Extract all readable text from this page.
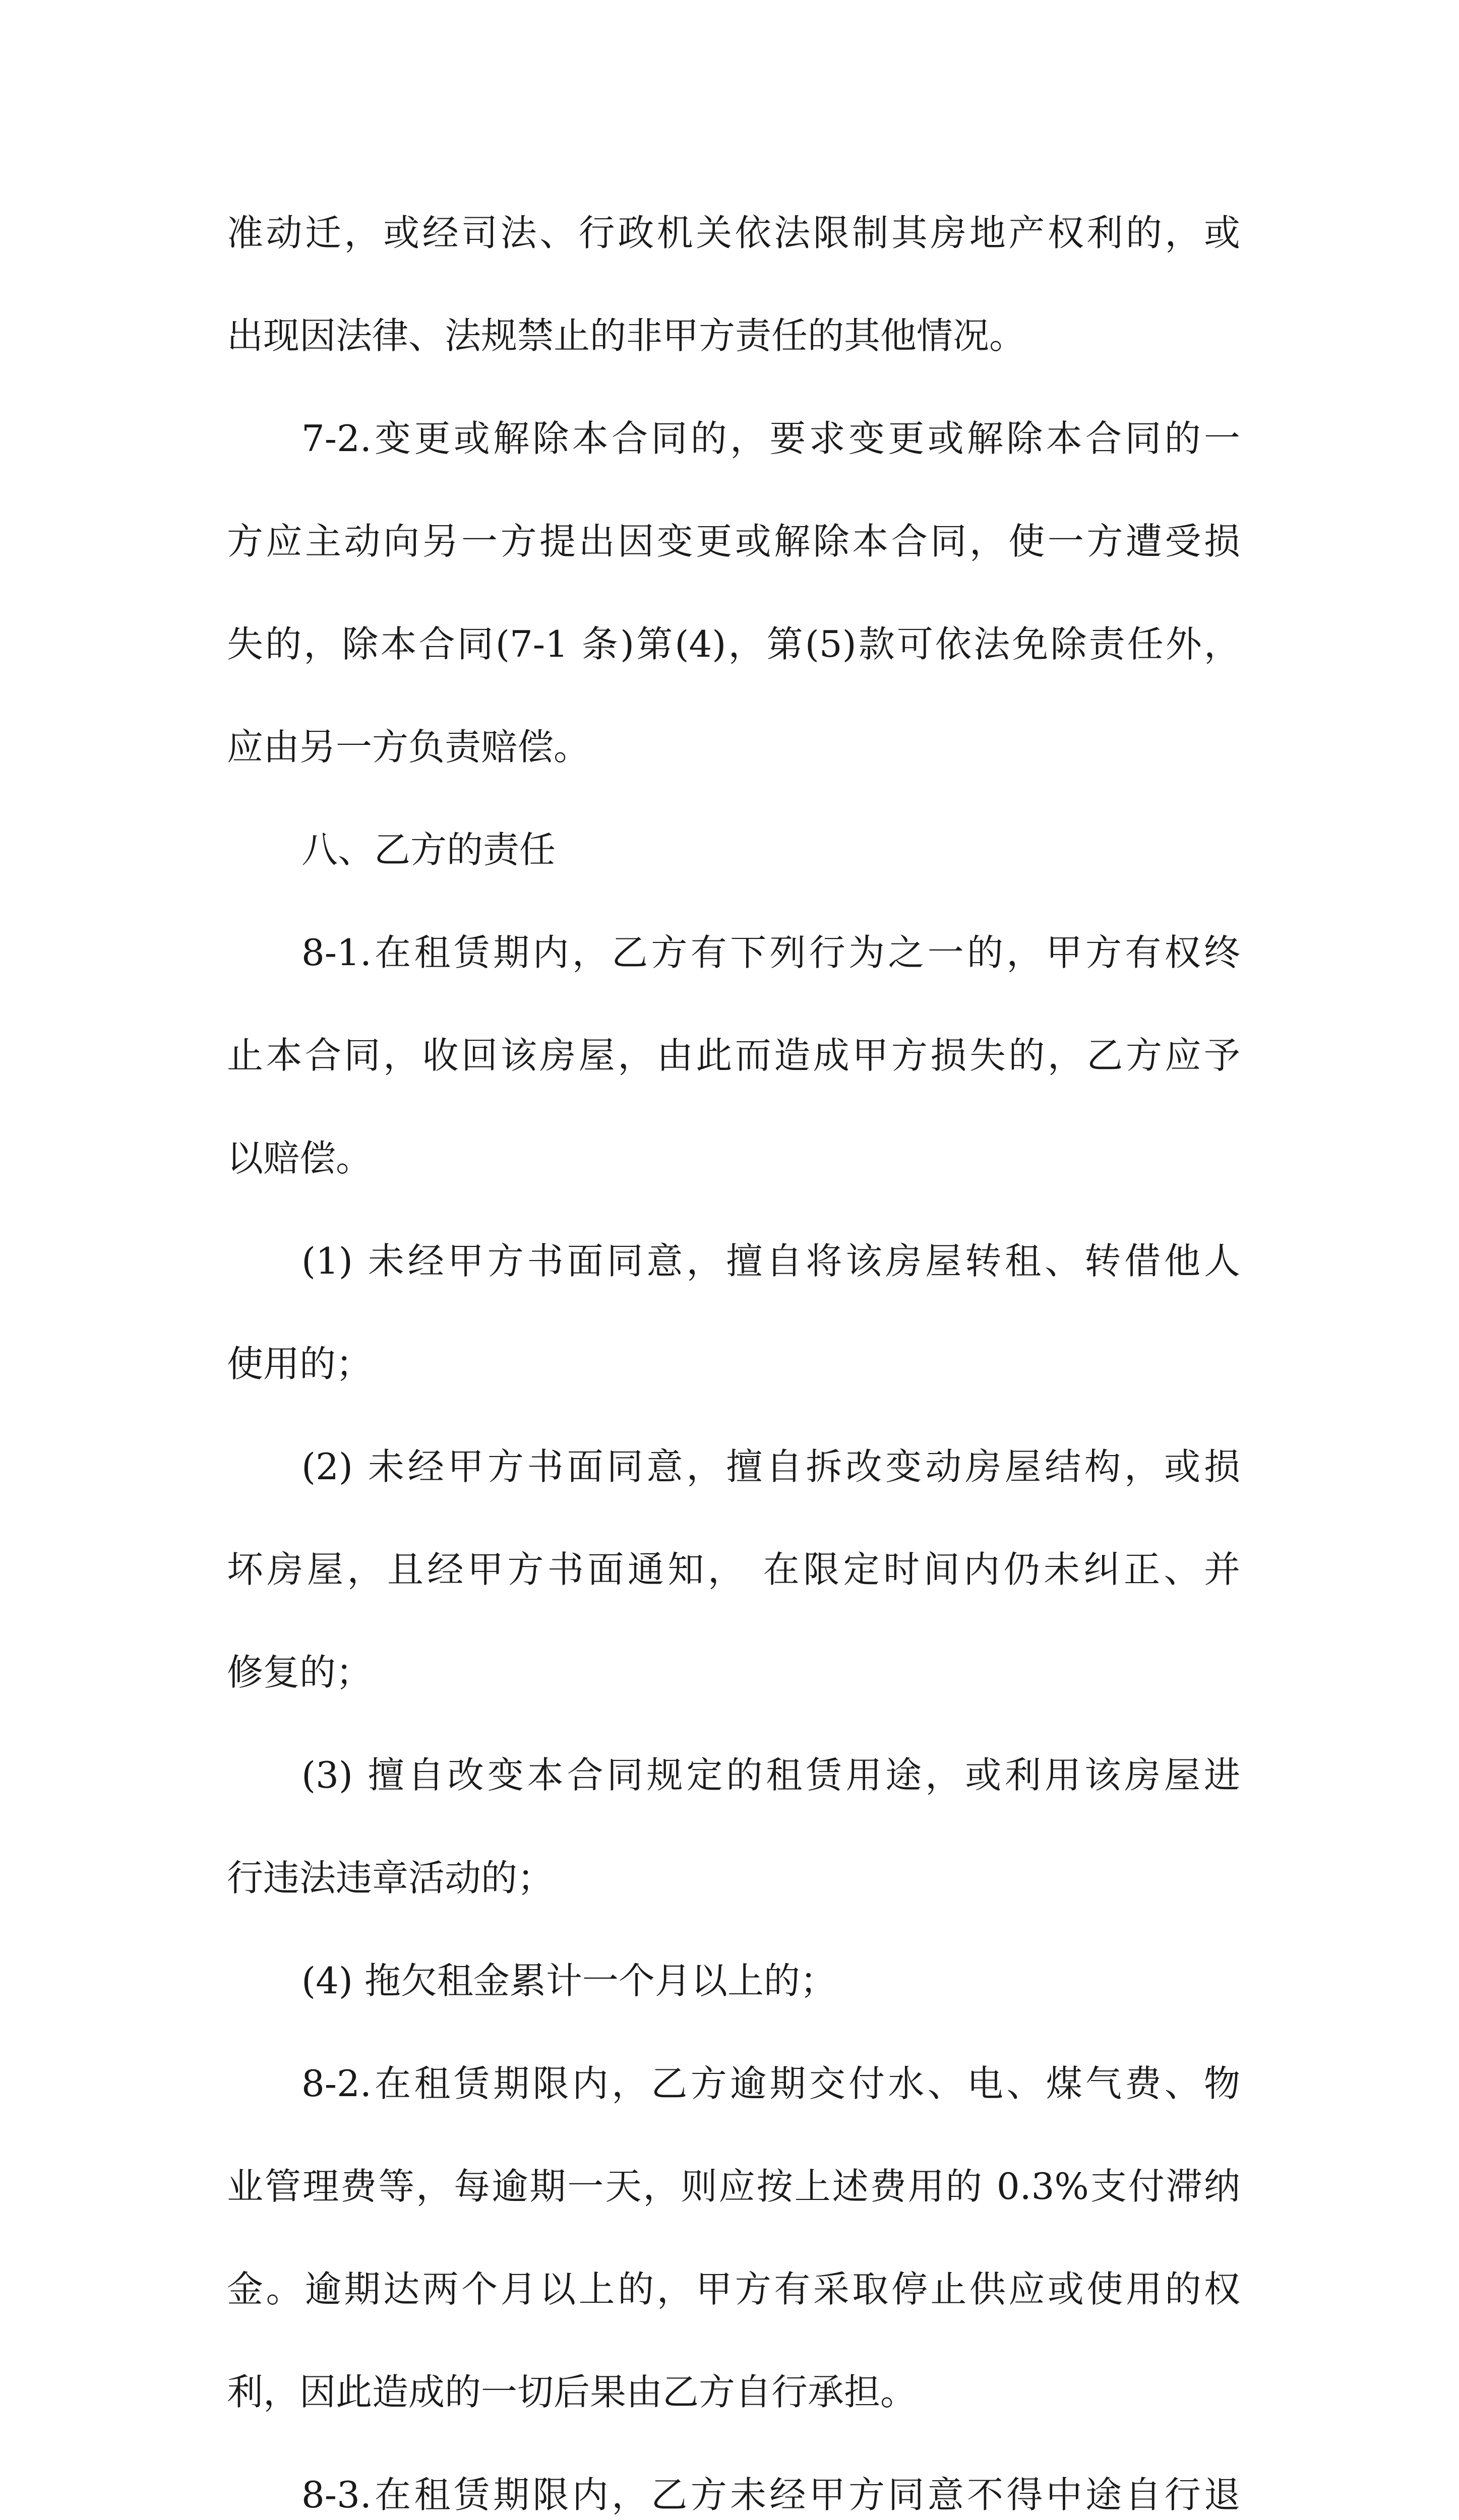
准动迁，或经司法、行政机关依法限制其房地产权利的，或
出现因法律、法规禁止的非甲方责任的其他情况。
7-2.变更或解除本合同的，要求变更或解除本合同的一
方应主动向另一方提出因变更或解除本合同，使一方遭受损
失的，除本合同(7-1 条)第(4)，第(5)款可依法免除责任外，
应由另一方负责赔偿。
八、乙方的责任
8-1.在租赁期内，乙方有下列行为之一的，甲方有权终
止本合同，收回该房屋，由此而造成甲方损失的，乙方应予
以赔偿。
(1) 未经甲方书面同意，擅自将该房屋转租、转借他人
使用的；
(2) 未经甲方书面同意，擅自拆改变动房屋结构，或损
坏房屋，且经甲方书面通知， 在限定时间内仍未纠正、并
修复的；
(3) 擅自改变本合同规定的租赁用途，或利用该房屋进
行违法违章活动的；
(4) 拖欠租金累计一个月以上的；
8-2.在租赁期限内，乙方逾期交付水、电、煤气费、物
业管理费等，每逾期一天，则应按上述费用的 0.3%支付滞纳
金。逾期达两个月以上的，甲方有采取停止供应或使用的权
利，因此造成的一切后果由乙方自行承担。
8-3.在租赁期限内，乙方未经甲方同意不得中途自行退
